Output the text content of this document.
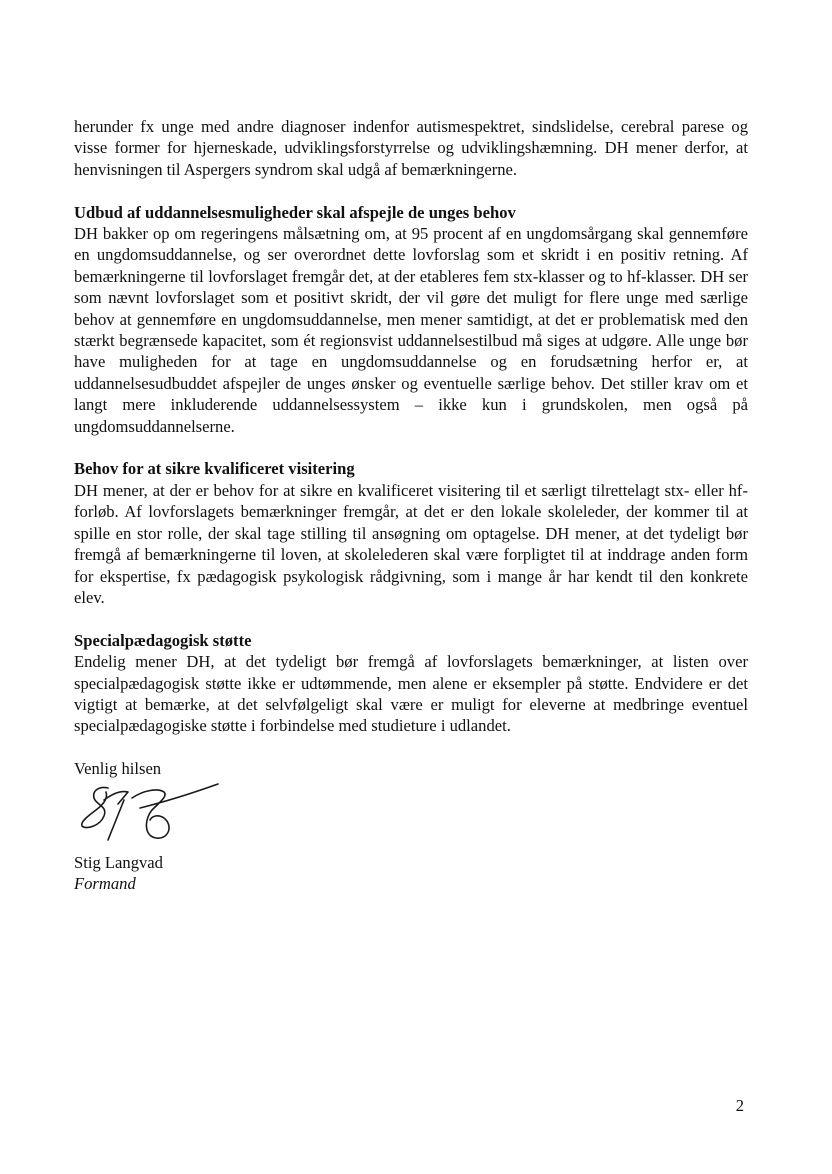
herunder fx unge med andre diagnoser indenfor autismespektret, sindslidelse, cerebral parese og visse former for hjerneskade, udviklingsforstyrrelse og udviklingshæmning. DH mener derfor, at henvisningen til Aspergers syndrom skal udgå af bemærkningerne.

Udbud af uddannelsesmuligheder skal afspejle de unges behov

DH bakker op om regeringens målsætning om, at 95 procent af en ungdomsårgang skal gennemføre en ungdomsuddannelse, og ser overordnet dette lovforslag som et skridt i en positiv retning. Af bemærkningerne til lovforslaget fremgår det, at der etableres fem stx-klasser og to hf-klasser. DH ser som nævnt lovforslaget som et positivt skridt, der vil gøre det muligt for flere unge med særlige behov at gennemføre en ungdomsuddannelse, men mener samtidigt, at det er problematisk med den stærkt begrænsede kapacitet, som ét regionsvist uddannelsestilbud må siges at udgøre. Alle unge bør have muligheden for at tage en ungdomsuddannelse og en forudsætning herfor er, at uddannelsesudbuddet afspejler de unges ønsker og eventuelle særlige behov. Det stiller krav om et langt mere inkluderende uddannelsessystem – ikke kun i grundskolen, men også på ungdomsuddannelserne.

Behov for at sikre kvalificeret visitering

DH mener, at der er behov for at sikre en kvalificeret visitering til et særligt tilrettelagt stx- eller hf-forløb. Af lovforslagets bemærkninger fremgår, at det er den lokale skoleleder, der kommer til at spille en stor rolle, der skal tage stilling til ansøgning om optagelse. DH mener, at det tydeligt bør fremgå af bemærkningerne til loven, at skolelederen skal være forpligtet til at inddrage anden form for ekspertise, fx pædagogisk psykologisk rådgivning, som i mange år har kendt til den konkrete elev.

Specialpædagogisk støtte

Endelig mener DH, at det tydeligt bør fremgå af lovforslagets bemærkninger, at listen over specialpædagogisk støtte ikke er udtømmende, men alene er eksempler på støtte. Endvidere er det vigtigt at bemærke, at det selvfølgeligt skal være er muligt for eleverne at medbringe eventuel specialpædagogiske støtte i forbindelse med studieture i udlandet.

Venlig hilsen

Stig Langvad

Formand

2
